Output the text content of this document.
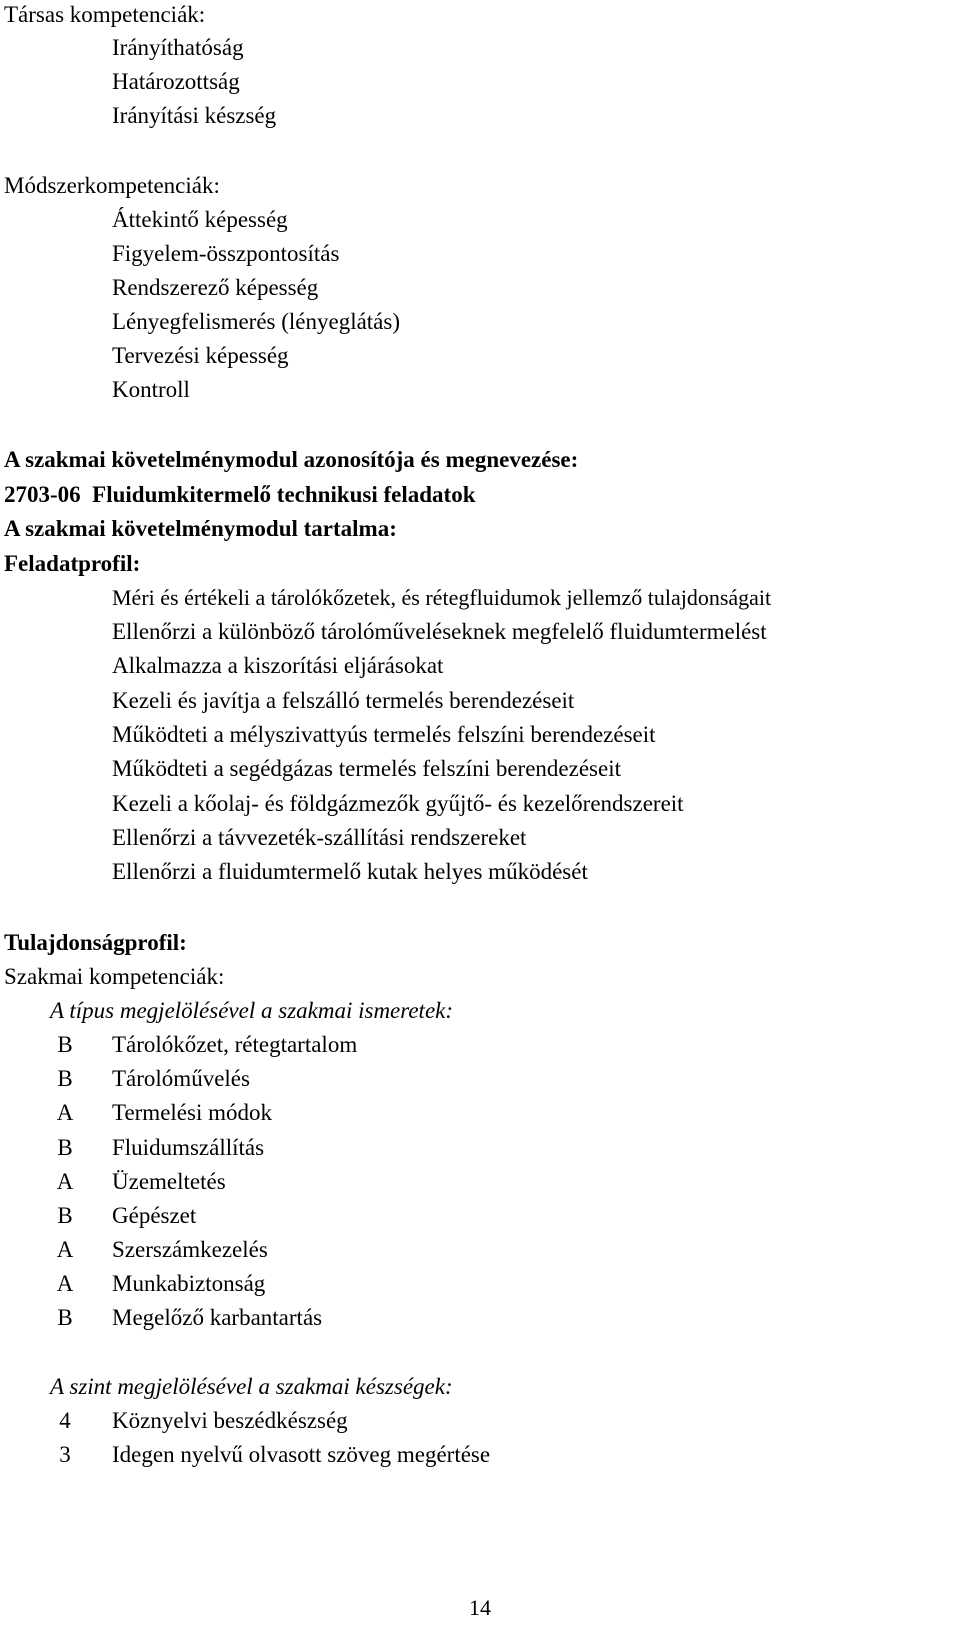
Társas kompetenciák:
Irányíthatóság
Határozottság
Irányítási készség
Módszerkompetenciák:
Áttekintő képesség
Figyelem-összpontosítás
Rendszerező képesség
Lényegfelismerés (lényeglátás)
Tervezési képesség
Kontroll
A szakmai követelménymodul azonosítója és megnevezése:
2703-06  Fluidumkitermelő technikusi feladatok
A szakmai követelménymodul tartalma:
Feladatprofil:
Méri és értékeli a tárolókőzetek, és rétegfluidumok jellemző tulajdonságait
Ellenőrzi a különböző tárolóműveléseknek megfelelő fluidumtermelést
Alkalmazza a kiszorítási eljárásokat
Kezeli és javítja a felszálló termelés berendezéseit
Működteti a mélyszivattyús termelés felszíni berendezéseit
Működteti a segédgázas termelés felszíni berendezéseit
Kezeli a kőolaj- és földgázmezők gyűjtő- és kezelőrendszereit
Ellenőrzi a távvezeték-szállítási rendszereket
Ellenőrzi a fluidumtermelő kutak helyes működését
Tulajdonságprofil:
Szakmai kompetenciák:
A típus megjelölésével a szakmai ismeretek:
B	Tárolókőzet, rétegtartalom
B	Tárolóművelés
A Termelési módok
B	Fluidumszállítás
A Üzemeltetés
B	Gépészet
A Szerszámkezelés
A Munkabiztonság
B	Megelőző karbantartás
A szint megjelölésével a szakmai készségek:
4	Köznyelvi beszédkészség
3	Idegen nyelvű olvasott szöveg megértése
14
